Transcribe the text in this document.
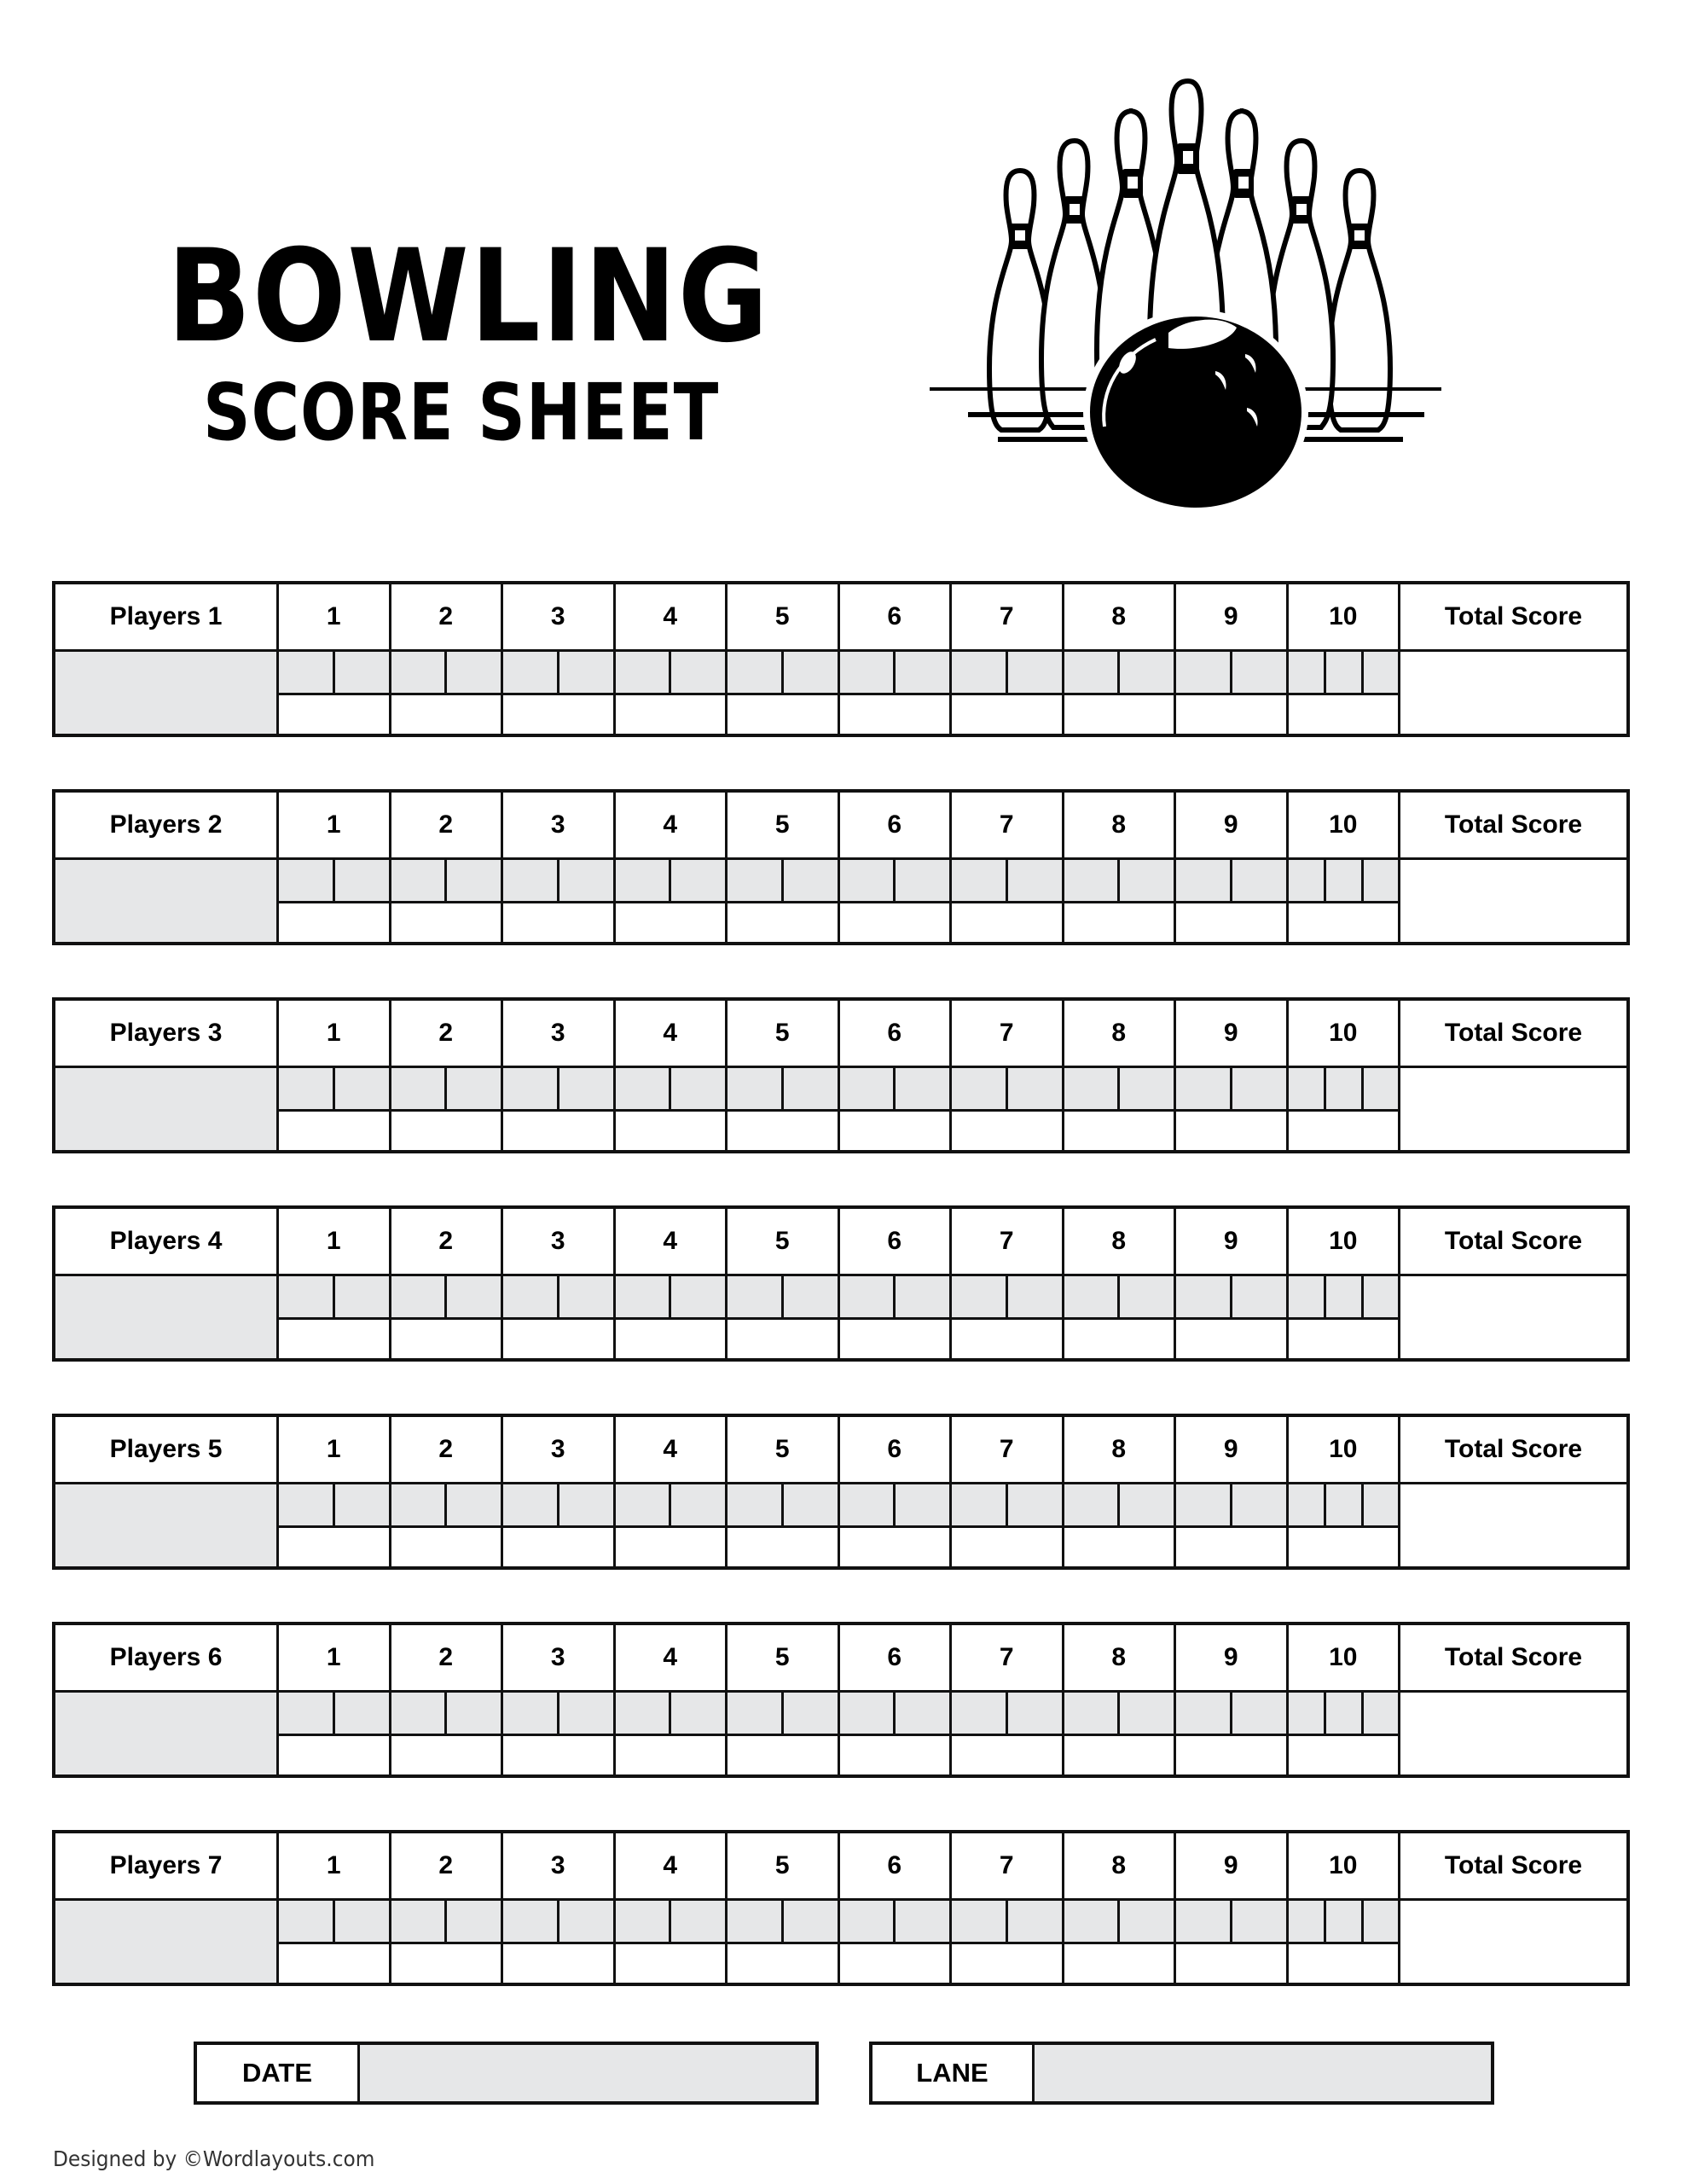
BOWLING
SCORE SHEET
Players 1	1	2	3	4	5	6	7	8	9	10	Total Score
Players 2	1	2	3	4	5	6	7	8	9	10	Total Score
Players 3	1	2	3	4	5	6	7	8	9	10	Total Score
Players 4	1	2	3	4	5	6	7	8	9	10	Total Score
Players 5	1	2	3	4	5	6	7	8	9	10	Total Score
Players 6	1	2	3	4	5	6	7	8	9	10	Total Score
Players 7	1	2	3	4	5	6	7	8	9	10	Total Score
DATE	LANE
Designed by ©Wordlayouts.com
